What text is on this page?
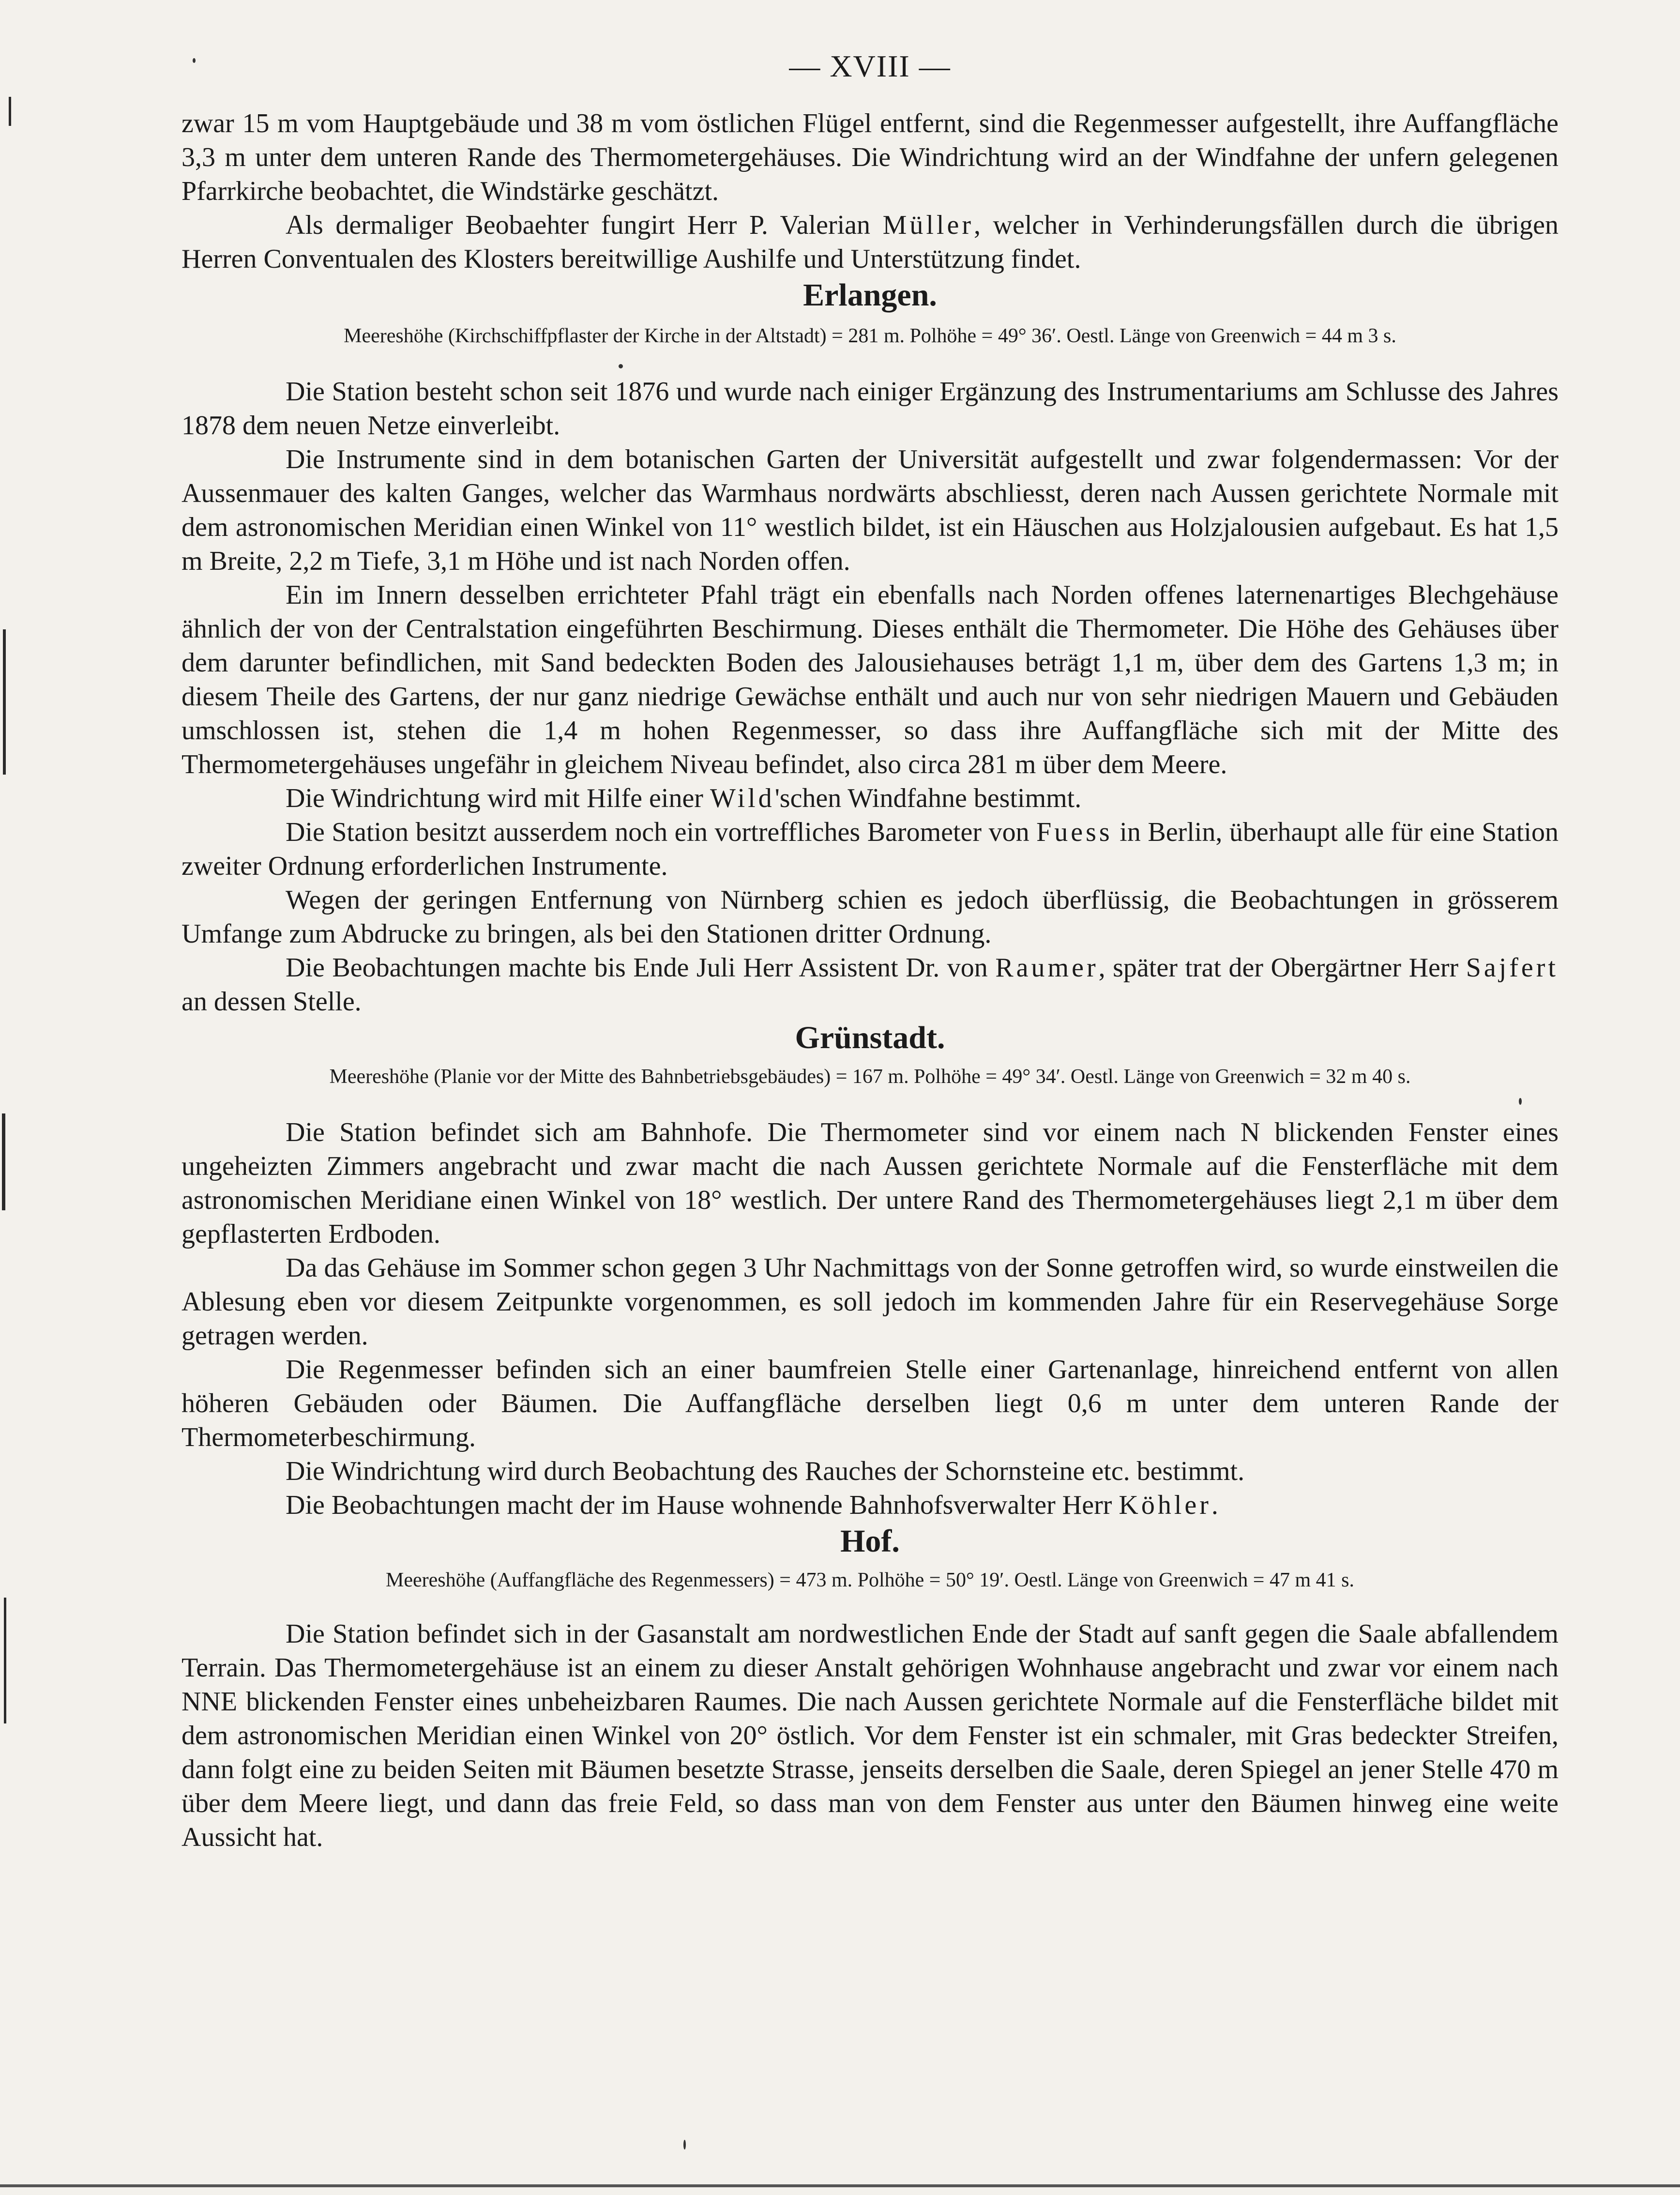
— XVIII —

zwar 15 m vom Hauptgebäude und 38 m vom östlichen Flügel entfernt, sind die Regenmesser aufgestellt, ihre Auffangfläche 3,3 m unter dem unteren Rande des Thermometergehäuses. Die Windrichtung wird an der Windfahne der unfern gelegenen Pfarrkirche beobachtet, die Windstärke geschätzt.

Als dermaliger Beobaehter fungirt Herr P. Valerian Müller, welcher in Verhinderungsfällen durch die übrigen Herren Conventualen des Klosters bereitwillige Aushilfe und Unterstützung findet.

Erlangen.

Meereshöhe (Kirchschiffpflaster der Kirche in der Altstadt) = 281 m. Polhöhe = 49° 36′. Oestl. Länge von Greenwich = 44 m 3 s.

Die Station besteht schon seit 1876 und wurde nach einiger Ergänzung des Instrumentariums am Schlusse des Jahres 1878 dem neuen Netze einverleibt.

Die Instrumente sind in dem botanischen Garten der Universität aufgestellt und zwar folgendermassen: Vor der Aussenmauer des kalten Ganges, welcher das Warmhaus nordwärts abschliesst, deren nach Aussen gerichtete Normale mit dem astronomischen Meridian einen Winkel von 11° westlich bildet, ist ein Häuschen aus Holzjalousien aufgebaut. Es hat 1,5 m Breite, 2,2 m Tiefe, 3,1 m Höhe und ist nach Norden offen.

Ein im Innern desselben errichteter Pfahl trägt ein ebenfalls nach Norden offenes laternenartiges Blechgehäuse ähnlich der von der Centralstation eingeführten Beschirmung. Dieses enthält die Thermometer. Die Höhe des Gehäuses über dem darunter befindlichen, mit Sand bedeckten Boden des Jalousiehauses beträgt 1,1 m, über dem des Gartens 1,3 m; in diesem Theile des Gartens, der nur ganz niedrige Gewächse enthält und auch nur von sehr niedrigen Mauern und Gebäuden umschlossen ist, stehen die 1,4 m hohen Regenmesser, so dass ihre Auffangfläche sich mit der Mitte des Thermometergehäuses ungefähr in gleichem Niveau befindet, also circa 281 m über dem Meere.

Die Windrichtung wird mit Hilfe einer Wild'schen Windfahne bestimmt.

Die Station besitzt ausserdem noch ein vortreffliches Barometer von Fuess in Berlin, überhaupt alle für eine Station zweiter Ordnung erforderlichen Instrumente.

Wegen der geringen Entfernung von Nürnberg schien es jedoch überflüssig, die Beobachtungen in grösserem Umfange zum Abdrucke zu bringen, als bei den Stationen dritter Ordnung.

Die Beobachtungen machte bis Ende Juli Herr Assistent Dr. von Raumer, später trat der Obergärtner Herr Sajfert an dessen Stelle.

Grünstadt.

Meereshöhe (Planie vor der Mitte des Bahnbetriebsgebäudes) = 167 m. Polhöhe = 49° 34′. Oestl. Länge von Greenwich = 32 m 40 s.

Die Station befindet sich am Bahnhofe. Die Thermometer sind vor einem nach N blickenden Fenster eines ungeheizten Zimmers angebracht und zwar macht die nach Aussen gerichtete Normale auf die Fensterfläche mit dem astronomischen Meridiane einen Winkel von 18° westlich. Der untere Rand des Thermometergehäuses liegt 2,1 m über dem gepflasterten Erdboden.

Da das Gehäuse im Sommer schon gegen 3 Uhr Nachmittags von der Sonne getroffen wird, so wurde einstweilen die Ablesung eben vor diesem Zeitpunkte vorgenommen, es soll jedoch im kommenden Jahre für ein Reservegehäuse Sorge getragen werden.

Die Regenmesser befinden sich an einer baumfreien Stelle einer Gartenanlage, hinreichend entfernt von allen höheren Gebäuden oder Bäumen. Die Auffangfläche derselben liegt 0,6 m unter dem unteren Rande der Thermometerbeschirmung.

Die Windrichtung wird durch Beobachtung des Rauches der Schornsteine etc. bestimmt.

Die Beobachtungen macht der im Hause wohnende Bahnhofsverwalter Herr Köhler.

Hof.

Meereshöhe (Auffangfläche des Regenmessers) = 473 m. Polhöhe = 50° 19′. Oestl. Länge von Greenwich = 47 m 41 s.

Die Station befindet sich in der Gasanstalt am nordwestlichen Ende der Stadt auf sanft gegen die Saale abfallendem Terrain. Das Thermometergehäuse ist an einem zu dieser Anstalt gehörigen Wohnhause angebracht und zwar vor einem nach NNE blickenden Fenster eines unbeheizbaren Raumes. Die nach Aussen gerichtete Normale auf die Fensterfläche bildet mit dem astronomischen Meridian einen Winkel von 20° östlich. Vor dem Fenster ist ein schmaler, mit Gras bedeckter Streifen, dann folgt eine zu beiden Seiten mit Bäumen besetzte Strasse, jenseits derselben die Saale, deren Spiegel an jener Stelle 470 m über dem Meere liegt, und dann das freie Feld, so dass man von dem Fenster aus unter den Bäumen hinweg eine weite Aussicht hat.
